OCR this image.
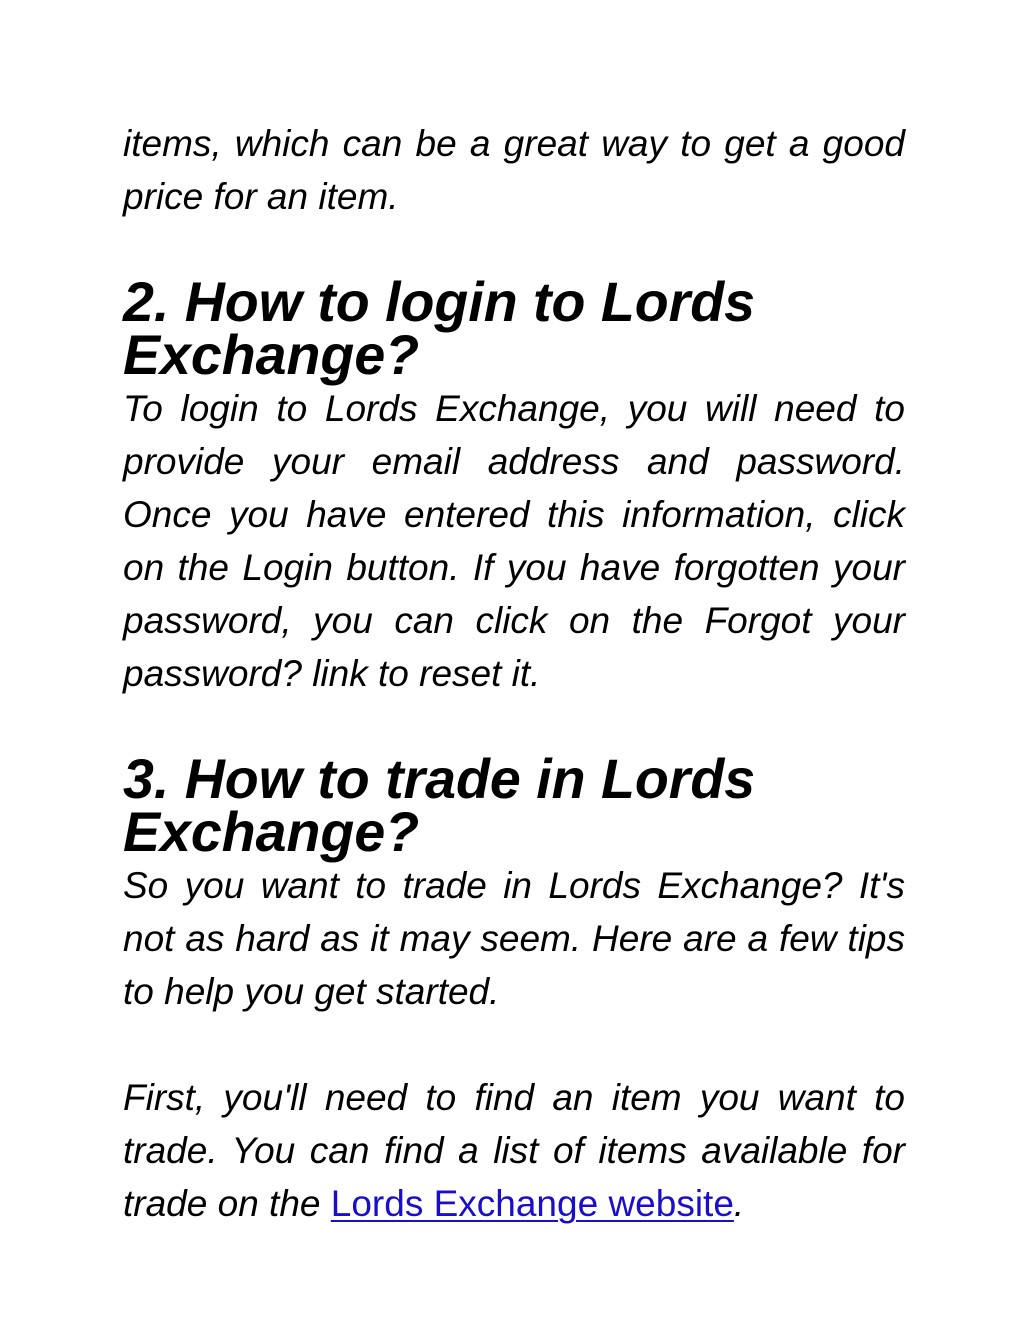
items, which can be a great way to get a good price for an item.

2. How to login to Lords Exchange?

To login to Lords Exchange, you will need to provide your email address and password. Once you have entered this information, click on the Login button. If you have forgotten your password, you can click on the Forgot your password? link to reset it.

3. How to trade in Lords Exchange?

So you want to trade in Lords Exchange? It's not as hard as it may seem. Here are a few tips to help you get started.

First, you'll need to find an item you want to trade. You can find a list of items available for trade on the Lords Exchange website.
